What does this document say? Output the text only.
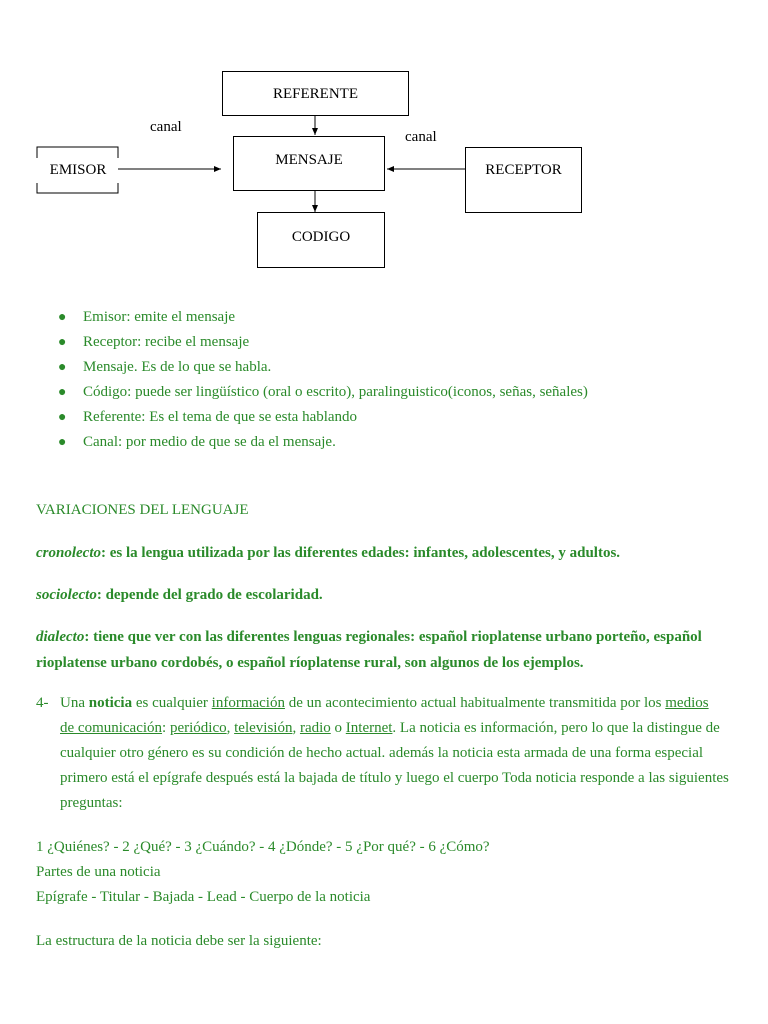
REFERENTE
MENSAJE
EMISOR	RECEPTOR
CODIGO
canal
canal
● Emisor: emite el mensaje
● Receptor: recibe el mensaje
● Mensaje. Es de lo que se habla.
● Código: puede ser lingüístico (oral o escrito), paralinguistico(iconos, señas, señales)
● Referente: Es el tema de que se esta hablando
● Canal: por medio de que se da el mensaje.
VARIACIONES DEL LENGUAJE
cronolecto: es la lengua utilizada por las diferentes edades: infantes, adolescentes, y adultos.
sociolecto: depende del grado de escolaridad.
dialecto: tiene que ver con las diferentes lenguas regionales: español rioplatense urbano porteño, español
rioplatense urbano cordobés, o español ríoplatense rural, son algunos de los ejemplos.
4- Una noticia es cualquier información de un acontecimiento actual habitualmente transmitida por los medios
de comunicación: periódico, televisión, radio o Internet. La noticia es información, pero lo que la distingue de cualquier otro género es su condición de hecho actual. además la noticia esta armada de una forma especial primero está el epígrafe después está la bajada de título y luego el cuerpo Toda noticia responde a las siguientes preguntas:
1 ¿Quiénes? - 2 ¿Qué? - 3 ¿Cuándo? - 4 ¿Dónde? - 5 ¿Por qué? - 6 ¿Cómo?
Partes de una noticia
Epígrafe - Titular - Bajada - Lead - Cuerpo de la noticia
La estructura de la noticia debe ser la siguiente:
